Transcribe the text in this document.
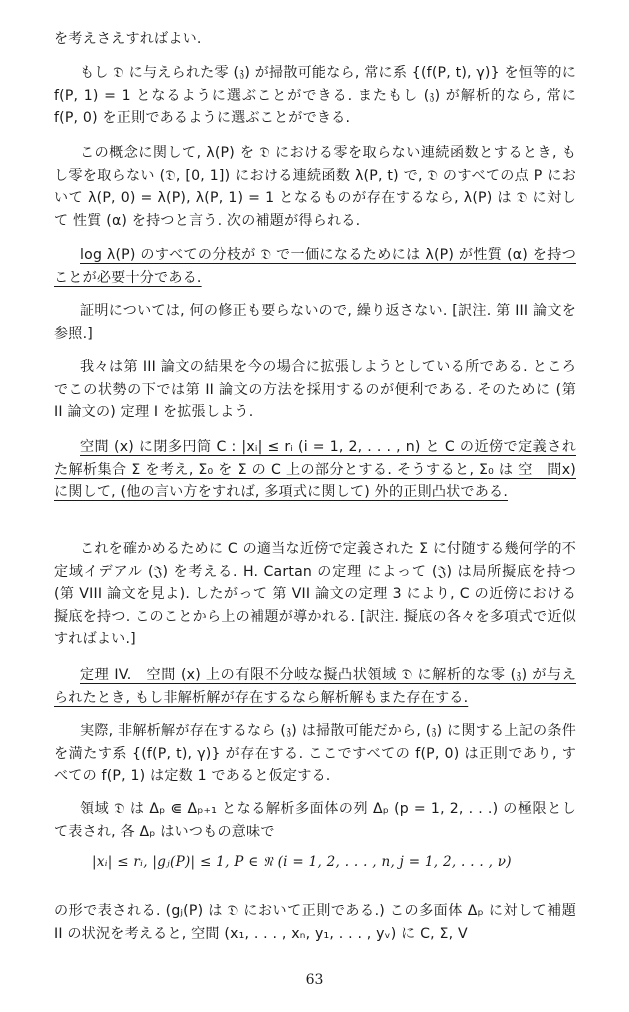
を考えさえすればよい.

もし 𝔇 に与えられた零 (𝔷) が掃散可能なら, 常に系 {(f(P, t), γ)} を恒等的に f(P, 1) = 1 となるように選ぶことができる. またもし (𝔷) が解析的なら, 常に f(P, 0) を正則であるように選ぶことができる.

この概念に関して, λ(P) を 𝔇 における零を取らない連続函数とするとき, もし零を取らない (𝔇, [0, 1]) における連続函数 λ(P, t) で, 𝔇 のすべての点 P において λ(P, 0) = λ(P), λ(P, 1) = 1 となるものが存在するなら, λ(P) は 𝔇 に対して 性質 (α) を持つと言う. 次の補題が得られる.

log λ(P) のすべての分枝が 𝔇 で一価になるためには λ(P) が性質 (α) を持つことが必要十分である.

証明については, 何の修正も要らないので, 繰り返さない. [訳注. 第 III 論文を参照.]

我々は第 III 論文の結果を今の場合に拡張しようとしている所である. ところでこの状勢の下では第 II 論文の方法を採用するのが便利である. そのために (第 II 論文の) 定理 I を拡張しよう.

空間 (x) に閉多円筒 C : |xᵢ| ≤ rᵢ (i = 1, 2, . . . , n) と C の近傍で定義された解析集合 Σ を考え, Σ₀ を Σ の C 上の部分とする. そうすると, Σ₀ は 空　間x) に関して, (他の言い方をすれば, 多項式に関して) 外的正則凸状である.

これを確かめるために C の適当な近傍で定義された Σ に付随する幾何学的不定域イデアル (𝔍) を考える. H. Cartan の定理 によって (𝔍) は局所擬底を持つ (第 VIII 論文を見よ). したがって 第 VII 論文の定理 3 により, C の近傍における擬底を持つ. このことから上の補題が導かれる. [訳注. 擬底の各々を多項式で近似すればよい.]

定理 IV.　空間 (x) 上の有限不分岐な擬凸状領域 𝔇 に解析的な零 (𝔷) が与えられたとき, もし非解析解が存在するなら解析解もまた存在する.

実際, 非解析解が存在するなら (𝔷) は掃散可能だから, (𝔷) に関する上記の条件を満たす系 {(f(P, t), γ)} が存在する. ここですべての f(P, 0) は正則であり, すべての f(P, 1) は定数 1 であると仮定する.

領域 𝔇 は Δₚ ⋐ Δₚ₊₁ となる解析多面体の列 Δₚ (p = 1, 2, . . .) の極限として表され, 各 Δₚ はいつもの意味で

|xᵢ| ≤ rᵢ, |gⱼ(P)| ≤ 1, P ∈ 𝔑 (i = 1, 2, . . . , n, j = 1, 2, . . . , ν)

の形で表される. (gⱼ(P) は 𝔇 において正則である.) この多面体 Δₚ に対して補題 II の状況を考えると, 空間 (x₁, . . . , xₙ, y₁, . . . , yᵥ) に C, Σ, V

63
